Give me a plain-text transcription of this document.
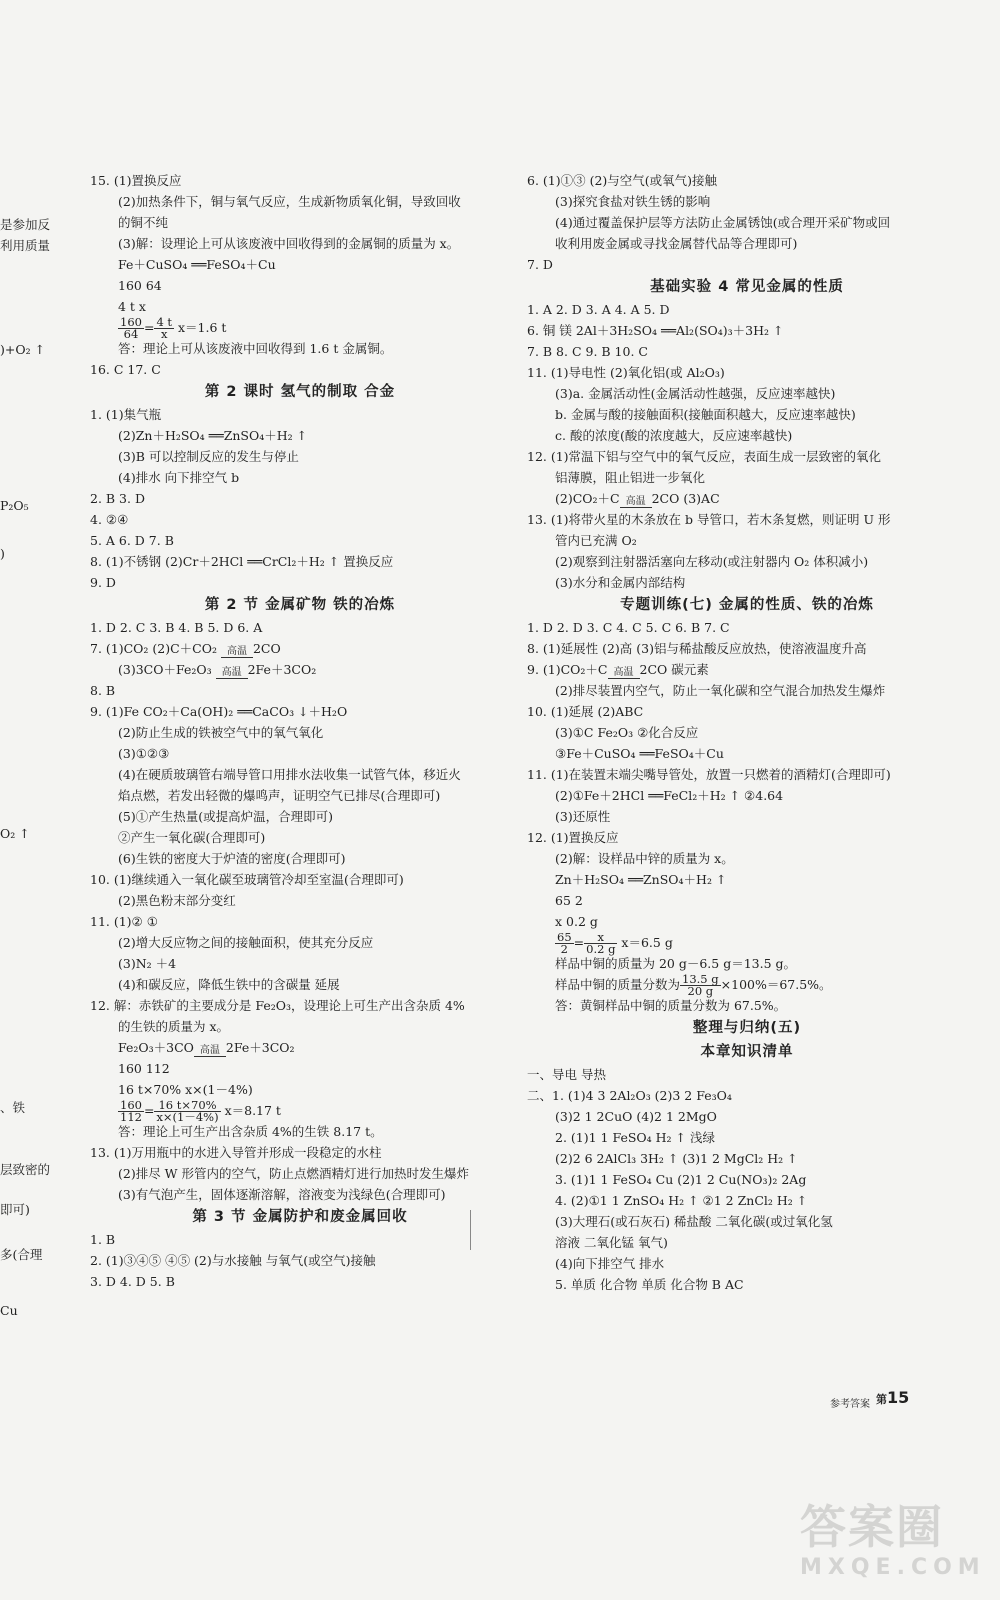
是参加反
利用质量
)+O₂ ↑
P₂O₅
)
O₂ ↑
、铁
层致密的
即可)
多(合理
Cu
15. (1)置换反应
(2)加热条件下，铜与氧气反应，生成新物质氧化铜，导致回收
的铜不纯
(3)解：设理论上可从该废液中回收得到的金属铜的质量为 x。
Fe＋CuSO₄ ══FeSO₄＋Cu
160 64
4 t x
$\frac{160}{64} = \frac{4 t}{x} x=1.6$ t
答：理论上可从该废液中回收得到 1.6 t 金属铜。
16. C 17. C
第 2 课时 氢气的制取 合金
1. (1)集气瓶
(2)Zn＋H₂SO₄ ══ZnSO₄＋H₂ ↑
(3)B 可以控制反应的发生与停止
(4)排水 向下排空气 b
2. B 3. D
4. ②④
5. A 6. D 7. B
8. (1)不锈钢 (2)Cr＋2HCl ══CrCl₂＋H₂ ↑ 置换反应
9. D
第 2 节 金属矿物 铁的冶炼
1. D 2. C 3. B 4. B 5. D 6. A
7. (1)CO₂ (2)C＋CO₂ 高温 2CO
(3)3CO＋Fe₂O₃ 高温 2Fe＋3CO₂
8. B
9. (1)Fe CO₂＋Ca(OH)₂ ══CaCO₃ ↓＋H₂O
(2)防止生成的铁被空气中的氧气氧化
(3)①②③
(4)在硬质玻璃管右端导管口用排水法收集一试管气体，移近火
焰点燃，若发出轻微的爆鸣声，证明空气已排尽(合理即可)
(5)①产生热量(或提高炉温，合理即可)
②产生一氧化碳(合理即可)
(6)生铁的密度大于炉渣的密度(合理即可)
10. (1)继续通入一氧化碳至玻璃管冷却至室温(合理即可)
(2)黑色粉末部分变红
11. (1)② ①
(2)增大反应物之间的接触面积，使其充分反应
(3)N₂ ＋4
(4)和碳反应，降低生铁中的含碳量 延展
12. 解：赤铁矿的主要成分是 Fe₂O₃，设理论上可生产出含杂质 4%
的生铁的质量为 x。
Fe₂O₃＋3CO 高温 2Fe＋3CO₂
160 112
16 t×70% x×(1－4%)
$\frac{160}{112} = \frac{16 t\times 70\%}{x\times(1-4\%)} x=8.17$ t
答：理论上可生产出含杂质 4%的生铁 8.17 t。
13. (1)万用瓶中的水进入导管并形成一段稳定的水柱
(2)排尽 W 形管内的空气，防止点燃酒精灯进行加热时发生爆炸
(3)有气泡产生，固体逐渐溶解，溶液变为浅绿色(合理即可)
第 3 节 金属防护和废金属回收
1. B
2. (1)③④⑤ ④⑤ (2)与水接触 与氧气(或空气)接触
3. D 4. D 5. B
6. (1)①③ (2)与空气(或氧气)接触
(3)探究食盐对铁生锈的影响
(4)通过覆盖保护层等方法防止金属锈蚀(或合理开采矿物或回
收利用废金属或寻找金属替代品等合理即可)
7. D
基础实验 4 常见金属的性质
1. A 2. D 3. A 4. A 5. D
6. 铜 镁 2Al＋3H₂SO₄ ══Al₂(SO₄)₃＋3H₂ ↑
7. B 8. C 9. B 10. C
11. (1)导电性 (2)氧化铝(或 Al₂O₃)
(3)a. 金属活动性(金属活动性越强，反应速率越快)
b. 金属与酸的接触面积(接触面积越大，反应速率越快)
c. 酸的浓度(酸的浓度越大，反应速率越快)
12. (1)常温下铝与空气中的氧气反应，表面生成一层致密的氧化
铝薄膜，阻止铝进一步氧化
(2)CO₂＋C 高温 2CO (3)AC
13. (1)将带火星的木条放在 b 导管口，若木条复燃，则证明 U 形
管内已充满 O₂
(2)观察到注射器活塞向左移动(或注射器内 O₂ 体积减小)
(3)水分和金属内部结构
专题训练(七) 金属的性质、铁的冶炼
1. D 2. D 3. C 4. C 5. C 6. B 7. C
8. (1)延展性 (2)高 (3)铝与稀盐酸反应放热，使溶液温度升高
9. (1)CO₂＋C 高温 2CO 碳元素
(2)排尽装置内空气，防止一氧化碳和空气混合加热发生爆炸
10. (1)延展 (2)ABC
(3)①C Fe₂O₃ ②化合反应
③Fe＋CuSO₄ ══FeSO₄＋Cu
11. (1)在装置末端尖嘴导管处，放置一只燃着的酒精灯(合理即可)
(2)①Fe＋2HCl ══FeCl₂＋H₂ ↑ ②4.64
(3)还原性
12. (1)置换反应
(2)解：设样品中锌的质量为 x。
Zn＋H₂SO₄ ══ZnSO₄＋H₂ ↑
65 2
x 0.2 g
$\frac{65}{2} = \frac{x}{0.2 g} x=6.5$ g
样品中铜的质量为 20 g－6.5 g＝13.5 g。
样品中铜的质量分数为 $\frac{13.5 g}{20 g} \times 100\%=67.5\%$。
答：黄铜样品中铜的质量分数为 67.5%。
整理与归纳(五)
本章知识清单
一、导电 导热
二、1. (1)4 3 2Al₂O₃ (2)3 2 Fe₃O₄
(3)2 1 2CuO (4)2 1 2MgO
2. (1)1 1 FeSO₄ H₂ ↑ 浅绿
(2)2 6 2AlCl₃ 3H₂ ↑ (3)1 2 MgCl₂ H₂ ↑
3. (1)1 1 FeSO₄ Cu (2)1 2 Cu(NO₃)₂ 2Ag
4. (2)①1 1 ZnSO₄ H₂ ↑ ②1 2 ZnCl₂ H₂ ↑
(3)大理石(或石灰石) 稀盐酸 二氧化碳(或过氧化氢
溶液 二氧化锰 氧气)
(4)向下排空气 排水
5. 单质 化合物 单质 化合物 B AC
参考答案 第15
答案圈
MXQE.COM
